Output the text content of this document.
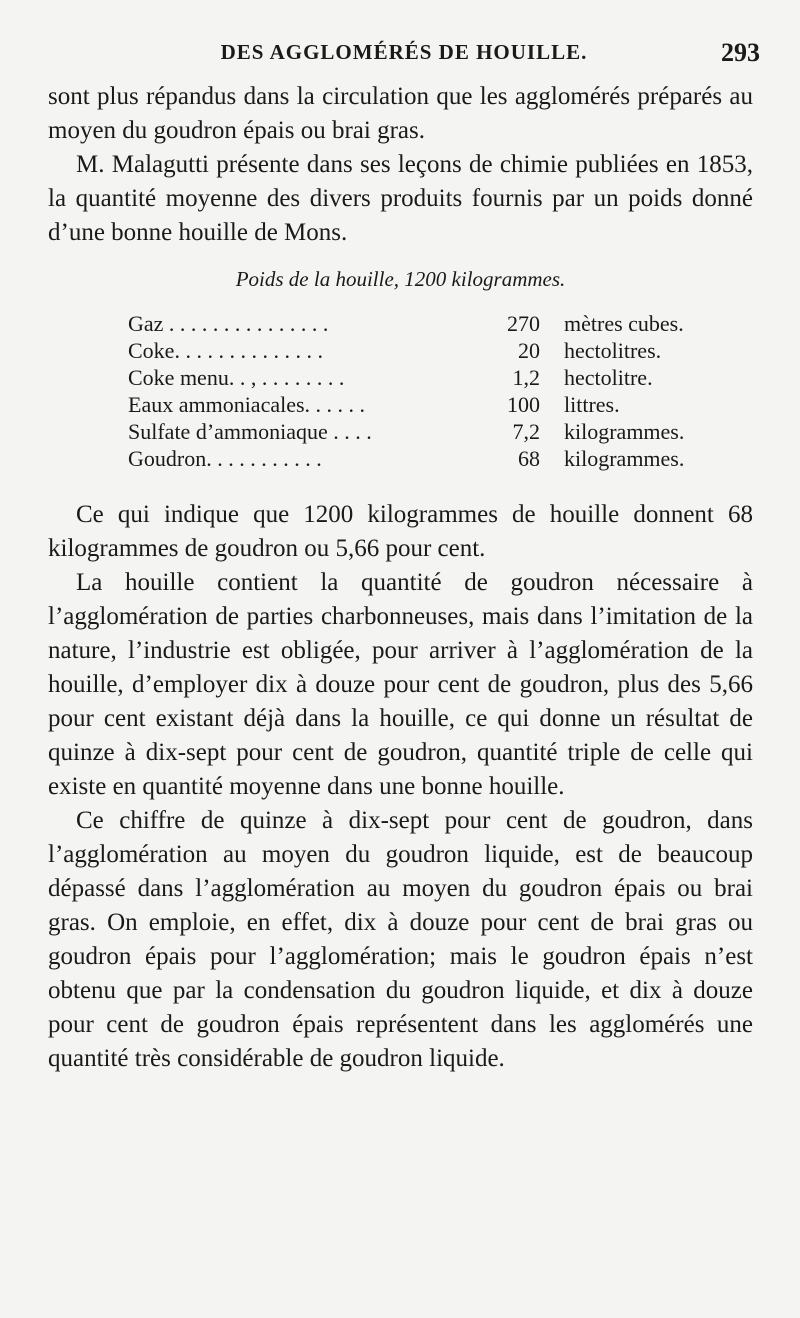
DES AGGLOMÉRÉS DE HOUILLE.	293

sont plus répandus dans la circulation que les agglomérés préparés au moyen du goudron épais ou brai gras.

M. Malagutti présente dans ses leçons de chimie publiées en 1853, la quantité moyenne des divers produits fournis par un poids donné d’une bonne houille de Mons.

Poids de la houille, 1200 kilogrammes.
Gaz . . . . . . . . . . . . . . .	270 mètres cubes.
Coke. . . . . . . . . . . . . .	20 hectolitres.
Coke menu. . , . . . . . . . .	1,2 hectolitre.
Eaux ammoniacales. . . . . .	100 littres.
Sulfate d’ammoniaque . . . .	7,2 kilogrammes.
Goudron. . . . . . . . . . .	68 kilogrammes.

Ce qui indique que 1200 kilogrammes de houille donnent 68 kilogrammes de goudron ou 5,66 pour cent.

La houille contient la quantité de goudron nécessaire à l’agglomération de parties charbonneuses, mais dans l’imitation de la nature, l’industrie est obligée, pour arriver à l’agglomération de la houille, d’employer dix à douze pour cent de goudron, plus des 5,66 pour cent existant déjà dans la houille, ce qui donne un résultat de quinze à dix-sept pour cent de goudron, quantité triple de celle qui existe en quantité moyenne dans une bonne houille.

Ce chiffre de quinze à dix-sept pour cent de goudron, dans l’agglomération au moyen du goudron liquide, est de beaucoup dépassé dans l’agglomération au moyen du goudron épais ou brai gras. On emploie, en effet, dix à douze pour cent de brai gras ou goudron épais pour l’agglomération; mais le goudron épais n’est obtenu que par la condensation du goudron liquide, et dix à douze pour cent de goudron épais représentent dans les agglomérés une quantité très considérable de goudron liquide.
